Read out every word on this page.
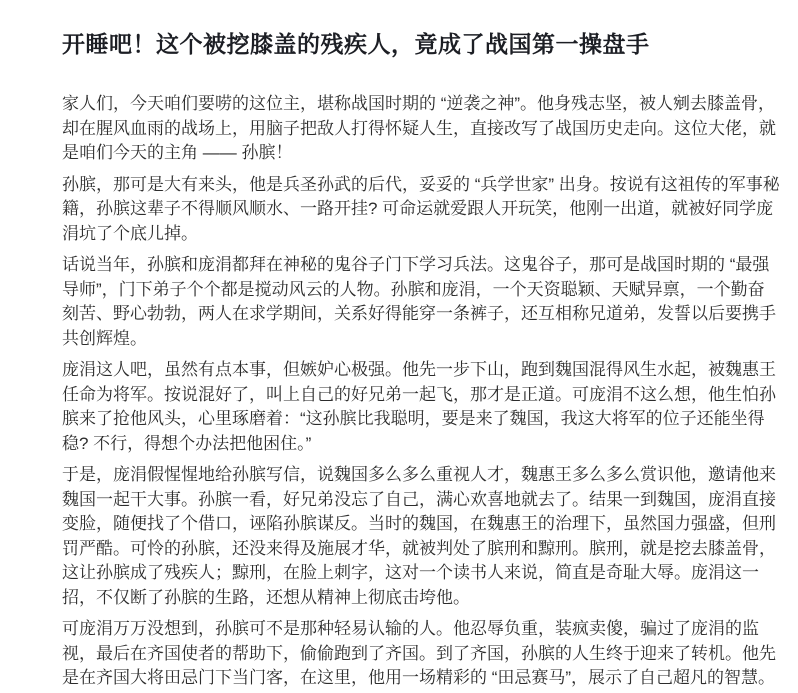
开睡吧！这个被挖膝盖的残疾人，竟成了战国第一操盘手

家人们，今天咱们要唠的这位主，堪称战国时期的 “逆袭之神”。他身残志坚，被人剜去膝盖骨，却在腥风血雨的战场上，用脑子把敌人打得怀疑人生，直接改写了战国历史走向。这位大佬，就是咱们今天的主角 —— 孙膑！

孙膑，那可是大有来头，他是兵圣孙武的后代，妥妥的 “兵学世家” 出身。按说有这祖传的军事秘籍，孙膑这辈子不得顺风顺水、一路开挂? 可命运就爱跟人开玩笑，他刚一出道，就被好同学庞涓坑了个底儿掉。

话说当年，孙膑和庞涓都拜在神秘的鬼谷子门下学习兵法。这鬼谷子，那可是战国时期的 “最强导师”，门下弟子个个都是搅动风云的人物。孙膑和庞涓，一个天资聪颖、天赋异禀，一个勤奋刻苦、野心勃勃，两人在求学期间，关系好得能穿一条裤子，还互相称兄道弟，发誓以后要携手共创辉煌。

庞涓这人吧，虽然有点本事，但嫉妒心极强。他先一步下山，跑到魏国混得风生水起，被魏惠王任命为将军。按说混好了，叫上自己的好兄弟一起飞，那才是正道。可庞涓不这么想，他生怕孙膑来了抢他风头，心里琢磨着：“这孙膑比我聪明，要是来了魏国，我这大将军的位子还能坐得稳? 不行，得想个办法把他困住。”

于是，庞涓假惺惺地给孙膑写信，说魏国多么多么重视人才，魏惠王多么多么赏识他，邀请他来魏国一起干大事。孙膑一看，好兄弟没忘了自己，满心欢喜地就去了。结果一到魏国，庞涓直接变脸，随便找了个借口，诬陷孙膑谋反。当时的魏国，在魏惠王的治理下，虽然国力强盛，但刑罚严酷。可怜的孙膑，还没来得及施展才华，就被判处了膑刑和黥刑。膑刑，就是挖去膝盖骨，这让孙膑成了残疾人；黥刑，在脸上刺字，这对一个读书人来说，简直是奇耻大辱。庞涓这一招，不仅断了孙膑的生路，还想从精神上彻底击垮他。

可庞涓万万没想到，孙膑可不是那种轻易认输的人。他忍辱负重，装疯卖傻，骗过了庞涓的监视，最后在齐国使者的帮助下，偷偷跑到了齐国。到了齐国，孙膑的人生终于迎来了转机。他先是在齐国大将田忌门下当门客，在这里，他用一场精彩的 “田忌赛马”，展示了自己超凡的智慧。
